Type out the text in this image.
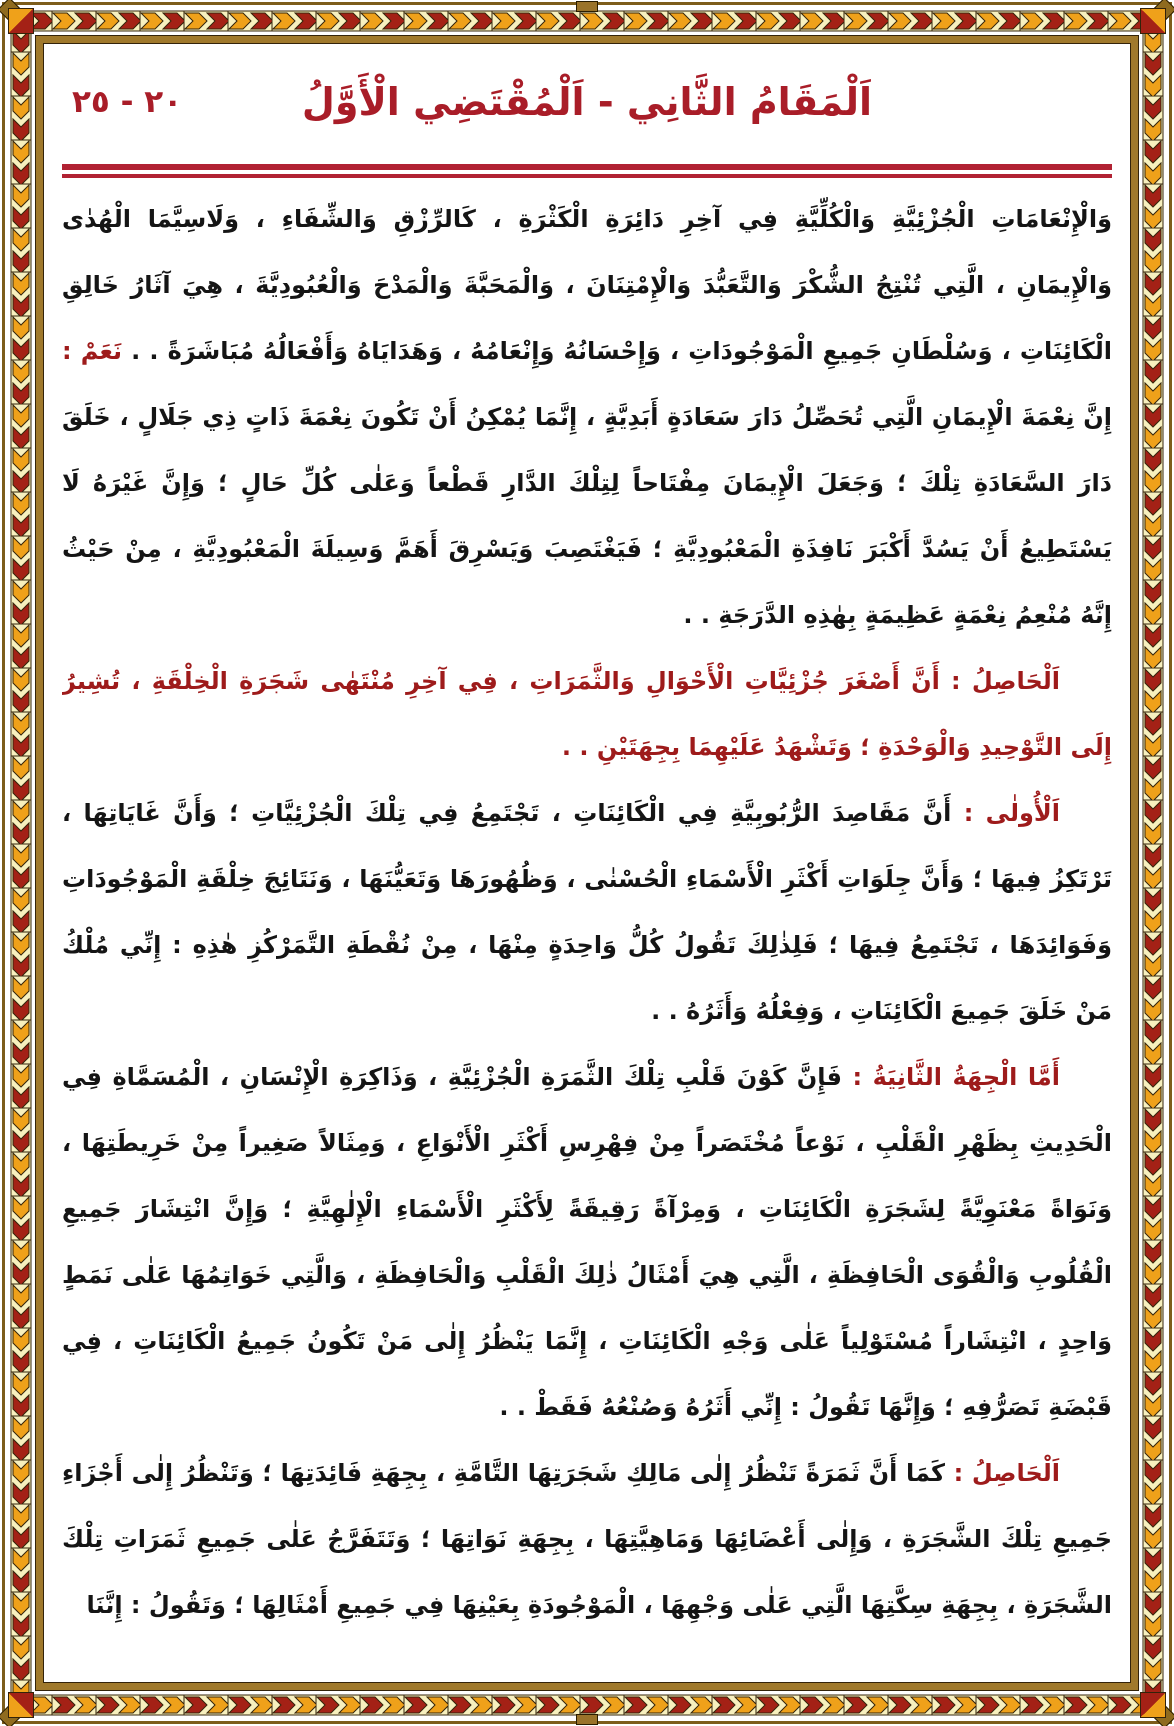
٢٠ - ٢٥	اَلْمَقَامُ الثَّانِي - اَلْمُقْتَضِي الْأَوَّلُ

وَالْإِنْعَامَاتِ الْجُزْئِيَّةِ وَالْكُلِّيَّةِ فِي آخِرِ دَائِرَةِ الْكَثْرَةِ ، كَالرِّزْقِ وَالشِّفَاءِ ، وَلَاسِيَّمَا الْهُدٰى وَالْإِيمَانِ ، الَّتِي تُنْتِجُ الشُّكْرَ وَالتَّعَبُّدَ وَالْإِمْتِنَانَ ، وَالْمَحَبَّةَ وَالْمَدْحَ وَالْعُبُودِيَّةَ ، هِيَ آثَارُ خَالِقِ الْكَائِنَاتِ ، وَسُلْطَانِ جَمِيعِ الْمَوْجُودَاتِ ، وَإِحْسَانُهُ وَإِنْعَامُهُ ، وَهَدَايَاهُ وَأَفْعَالُهُ مُبَاشَرَةً . . نَعَمْ : إِنَّ نِعْمَةَ الْإِيمَانِ الَّتِي تُحَصِّلُ دَارَ سَعَادَةٍ أَبَدِيَّةٍ ، إِنَّمَا يُمْكِنُ أَنْ تَكُونَ نِعْمَةَ ذَاتٍ ذِي جَلَالٍ ، خَلَقَ دَارَ السَّعَادَةِ تِلْكَ ؛ وَجَعَلَ الْإِيمَانَ مِفْتَاحاً لِتِلْكَ الدَّارِ قَطْعاً وَعَلٰى كُلِّ حَالٍ ؛ وَإِنَّ غَيْرَهُ لَا يَسْتَطِيعُ أَنْ يَسُدَّ أَكْبَرَ نَافِذَةِ الْمَعْبُودِيَّةِ ؛ فَيَغْتَصِبَ وَيَسْرِقَ أَهَمَّ وَسِيلَةَ الْمَعْبُودِيَّةِ ، مِنْ حَيْثُ إِنَّهُ مُنْعِمُ نِعْمَةٍ عَظِيمَةٍ بِهٰذِهِ الدَّرَجَةِ . .

اَلْحَاصِلُ : أَنَّ أَصْغَرَ جُزْئِيَّاتِ الْأَحْوَالِ وَالثَّمَرَاتِ ، فِي آخِرِ مُنْتَهٰى شَجَرَةِ الْخِلْقَةِ ، تُشِيرُ إِلَى التَّوْحِيدِ وَالْوَحْدَةِ ؛ وَتَشْهَدُ عَلَيْهِمَا بِجِهَتَيْنِ . .

اَلْأُولٰى : أَنَّ مَقَاصِدَ الرُّبُوبِيَّةِ فِي الْكَائِنَاتِ ، تَجْتَمِعُ فِي تِلْكَ الْجُزْئِيَّاتِ ؛ وَأَنَّ غَايَاتِهَا ، تَرْتَكِزُ فِيهَا ؛ وَأَنَّ جِلَوَاتِ أَكْثَرِ الْأَسْمَاءِ الْحُسْنٰى ، وَظُهُورَهَا وَتَعَيُّنَهَا ، وَنَتَائِجَ خِلْقَةِ الْمَوْجُودَاتِ وَفَوَائِدَهَا ، تَجْتَمِعُ فِيهَا ؛ فَلِذٰلِكَ تَقُولُ كُلُّ وَاحِدَةٍ مِنْهَا ، مِنْ نُقْطَةِ التَّمَرْكُزِ هٰذِهِ : إِنِّي مُلْكُ مَنْ خَلَقَ جَمِيعَ الْكَائِنَاتِ ، وَفِعْلُهُ وَأَثَرُهُ . .

أَمَّا الْجِهَةُ الثَّانِيَةُ : فَإِنَّ كَوْنَ قَلْبِ تِلْكَ الثَّمَرَةِ الْجُزْئِيَّةِ ، وَذَاكِرَةِ الْإِنْسَانِ ، الْمُسَمَّاةِ فِي الْحَدِيثِ بِظَهْرِ الْقَلْبِ ، نَوْعاً مُخْتَصَراً مِنْ فِهْرِسِ أَكْثَرِ الْأَنْوَاعِ ، وَمِثَالاً صَغِيراً مِنْ خَرِيطَتِهَا ، وَنَوَاةً مَعْنَوِيَّةً لِشَجَرَةِ الْكَائِنَاتِ ، وَمِرْآةً رَقِيقَةً لِأَكْثَرِ الْأَسْمَاءِ الْإِلٰهِيَّةِ ؛ وَإِنَّ انْتِشَارَ جَمِيعِ الْقُلُوبِ وَالْقُوَى الْحَافِظَةِ ، الَّتِي هِيَ أَمْثَالُ ذٰلِكَ الْقَلْبِ وَالْحَافِظَةِ ، وَالَّتِي خَوَاتِمُهَا عَلٰى نَمَطٍ وَاحِدٍ ، انْتِشَاراً مُسْتَوْلِياً عَلٰى وَجْهِ الْكَائِنَاتِ ، إِنَّمَا يَنْظُرُ إِلٰى مَنْ تَكُونُ جَمِيعُ الْكَائِنَاتِ ، فِي قَبْضَةِ تَصَرُّفِهِ ؛ وَإِنَّهَا تَقُولُ : إِنِّي أَثَرُهُ وَصُنْعُهُ فَقَطْ . .

اَلْحَاصِلُ : كَمَا أَنَّ ثَمَرَةً تَنْظُرُ إِلٰى مَالِكِ شَجَرَتِهَا التَّامَّةِ ، بِجِهَةِ فَائِدَتِهَا ؛ وَتَنْظُرُ إِلٰى أَجْزَاءِ جَمِيعِ تِلْكَ الشَّجَرَةِ ، وَإِلٰى أَعْضَائِهَا وَمَاهِيَّتِهَا ، بِجِهَةِ نَوَاتِهَا ؛ وَتَتَفَرَّجُ عَلٰى جَمِيعِ ثَمَرَاتِ تِلْكَ الشَّجَرَةِ ، بِجِهَةِ سِكَّتِهَا الَّتِي عَلٰى وَجْهِهَا ، الْمَوْجُودَةِ بِعَيْنِهَا فِي جَمِيعِ أَمْثَالِهَا ؛ وَتَقُولُ : إِنَّنَا
